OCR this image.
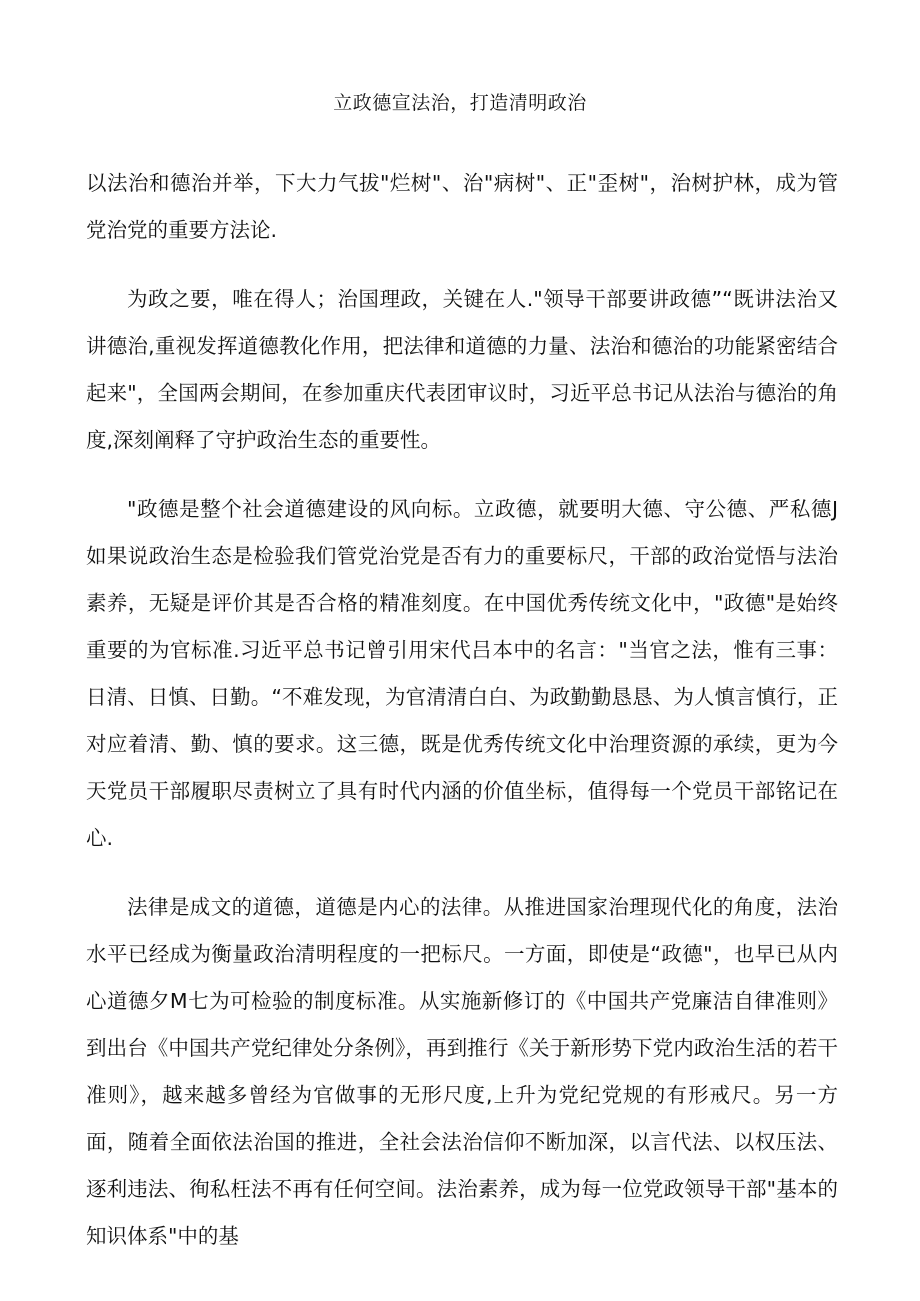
立政德宣法治，打造清明政治

以法治和德治并举，下大力气拔"烂树"、治"病树"、正"歪树"，治树护林，成为管党治党的重要方法论.

为政之要，唯在得人；治国理政，关键在人."领导干部要讲政德”“既讲法治又讲德治,重视发挥道德教化作用，把法律和道德的力量、法治和德治的功能紧密结合起来"，全国两会期间，在参加重庆代表团审议时，习近平总书记从法治与德治的角度,深刻阐释了守护政治生态的重要性。

"政德是整个社会道德建设的风向标。立政德，就要明大德、守公德、严私德J如果说政治生态是检验我们管党治党是否有力的重要标尺，干部的政治觉悟与法治素养，无疑是评价其是否合格的精准刻度。在中国优秀传统文化中，"政德"是始终重要的为官标准.习近平总书记曾引用宋代吕本中的名言："当官之法，惟有三事：日清、日慎、日勤。“不难发现，为官清清白白、为政勤勤恳恳、为人慎言慎行，正对应着清、勤、慎的要求。这三德，既是优秀传统文化中治理资源的承续，更为今天党员干部履职尽责树立了具有时代内涵的价值坐标，值得每一个党员干部铭记在心.

法律是成文的道德，道德是内心的法律。从推进国家治理现代化的角度，法治水平已经成为衡量政治清明程度的一把标尺。一方面，即使是“政德"，也早已从内心道德夕M七为可检验的制度标准。从实施新修订的《中国共产党廉洁自律准则》到出台《中国共产党纪律处分条例》，再到推行《关于新形势下党内政治生活的若干准则》，越来越多曾经为官做事的无形尺度,上升为党纪党规的有形戒尺。另一方面，随着全面依法治国的推进，全社会法治信仰不断加深，以言代法、以权压法、逐利违法、徇私枉法不再有任何空间。法治素养，成为每一位党政领导干部"基本的知识体系"中的基
